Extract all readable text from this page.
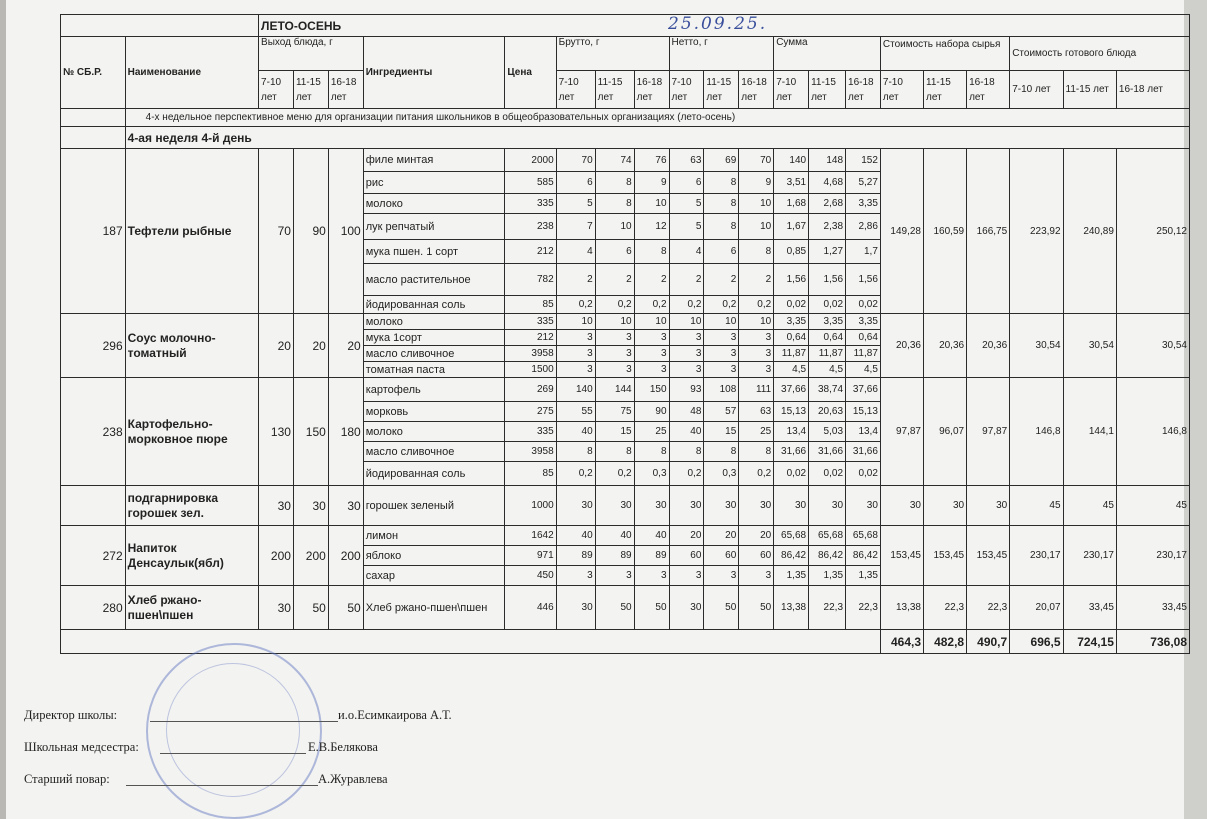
		ЛЕТО-ОСЕНЬ																			
№ СБ.Р.	Наименование	Выход блюда, г			Ингредиенты	Цена	Брутто, г			Нетто, г			Сумма			Стоимость набора сырья			Стоимость готового блюда		
		7-10 лет	11-15 лет	16-18 лет			7-10 лет	11-15 лет	16-18 лет	7-10 лет	11-15 лет	16-18 лет	7-10 лет	11-15 лет	16-18 лет	7-10 лет	11-15 лет	16-18 лет	7-10 лет	11-15 лет	16-18 лет
	4-х недельное перспективное меню для организации питания школьников в общеобразовательных организациях (лето-осень)																				
	4-ая неделя 4-й день																				
187	Тефтели рыбные	70	90	100	филе минтая	2000	70	74	76	63	69	70	140	148	152	149,28	160,59	166,75	223,92	240,89	250,12
					рис	585	6	8	9	6	8	9	3,51	4,68	5,27						
					молоко	335	5	8	10	5	8	10	1,68	2,68	3,35						
					лук репчатый	238	7	10	12	5	8	10	1,67	2,38	2,86						
					мука пшен. 1 сорт	212	4	6	8	4	6	8	0,85	1,27	1,7						
					масло растительное	782	2	2	2	2	2	2	1,56	1,56	1,56						
					йодированная соль	85	0,2	0,2	0,2	0,2	0,2	0,2	0,02	0,02	0,02						
296	Соус молочно-томатный	20	20	20	молоко	335	10	10	10	10	10	10	3,35	3,35	3,35	20,36	20,36	20,36	30,54	30,54	30,54
					мука 1сорт	212	3	3	3	3	3	3	0,64	0,64	0,64						
					масло сливочное	3958	3	3	3	3	3	3	11,87	11,87	11,87						
					томатная паста	1500	3	3	3	3	3	3	4,5	4,5	4,5						
238	Картофельно-морковное пюре	130	150	180	картофель	269	140	144	150	93	108	111	37,66	38,74	37,66	97,87	96,07	97,87	146,8	144,1	146,8
					морковь	275	55	75	90	48	57	63	15,13	20,63	15,13						
					молоко	335	40	15	25	40	15	25	13,4	5,03	13,4						
					масло сливочное	3958	8	8	8	8	8	8	31,66	31,66	31,66						
					йодированная соль	85	0,2	0,2	0,3	0,2	0,3	0,2	0,02	0,02	0,02						
	подгарнировка горошек зел.	30	30	30	горошек зеленый	1000	30	30	30	30	30	30	30	30	30	30	30	30	45	45	45
272	Напиток Денсаулык(ябл)	200	200	200	лимон	1642	40	40	40	20	20	20	65,68	65,68	65,68	153,45	153,45	153,45	230,17	230,17	230,17
					яблоко	971	89	89	89	60	60	60	86,42	86,42	86,42						
					сахар	450	3	3	3	3	3	3	1,35	1,35	1,35						
280	Хлеб ржано-пшен\пшен	30	50	50	Хлеб ржано-пшен\пшен	446	30	50	50	30	50	50	13,38	22,3	22,3	13,38	22,3	22,3	20,07	33,45	33,45
																464,3	482,8	490,7	696,5	724,15	736,08
25.09.25.
Директор школы:	и.о.Есимкаирова А.Т.
Школьная медсестра:	Е.В.Белякова
Старший повар:	А.Журавлева
